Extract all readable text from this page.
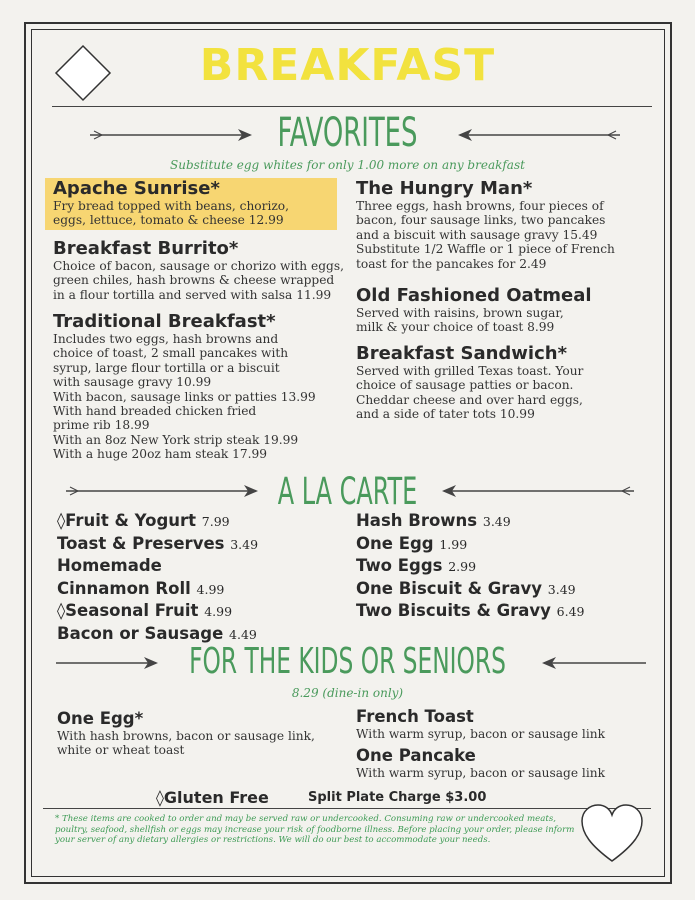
BREAKFAST
FAVORITES
Substitute egg whites for only 1.00 more on any breakfast
Apache Sunrise*
Fry bread topped with beans, chorizo,
eggs, lettuce, tomato & cheese 12.99
Breakfast Burrito*
Choice of bacon, sausage or chorizo with eggs,
green chiles, hash browns & cheese wrapped
in a flour tortilla and served with salsa 11.99
Traditional Breakfast*
Includes two eggs, hash browns and
choice of toast, 2 small pancakes with
syrup, large flour tortilla or a biscuit
with sausage gravy 10.99
With bacon, sausage links or patties 13.99
With hand breaded chicken fried
prime rib 18.99
With an 8oz New York strip steak 19.99
With a huge 20oz ham steak 17.99
The Hungry Man*
Three eggs, hash browns, four pieces of
bacon, four sausage links, two pancakes
and a biscuit with sausage gravy 15.49
Substitute 1/2 Waffle or 1 piece of French
toast for the pancakes for 2.49
Old Fashioned Oatmeal
Served with raisins, brown sugar,
milk & your choice of toast 8.99
Breakfast Sandwich*
Served with grilled Texas toast. Your
choice of sausage patties or bacon.
Cheddar cheese and over hard eggs,
and a side of tater tots 10.99
A LA CARTE
◊Fruit & Yogurt 7.99
Toast & Preserves 3.49
Homemade
Cinnamon Roll 4.99
◊Seasonal Fruit 4.99
Bacon or Sausage 4.49
Hash Browns 3.49
One Egg 1.99
Two Eggs 2.99
One Biscuit & Gravy 3.49
Two Biscuits & Gravy 6.49
FOR THE KIDS OR SENIORS
8.29 (dine-in only)
One Egg*
With hash browns, bacon or sausage link,
white or wheat toast
French Toast
With warm syrup, bacon or sausage link
One Pancake
With warm syrup, bacon or sausage link
◊Gluten Free	Split Plate Charge $3.00
* These items are cooked to order and may be served raw or undercooked. Consuming raw or undercooked meats, poultry, seafood, shellfish or eggs may increase your risk of foodborne illness. Before placing your order, please inform your server of any dietary allergies or restrictions. We will do our best to accommodate your needs.
